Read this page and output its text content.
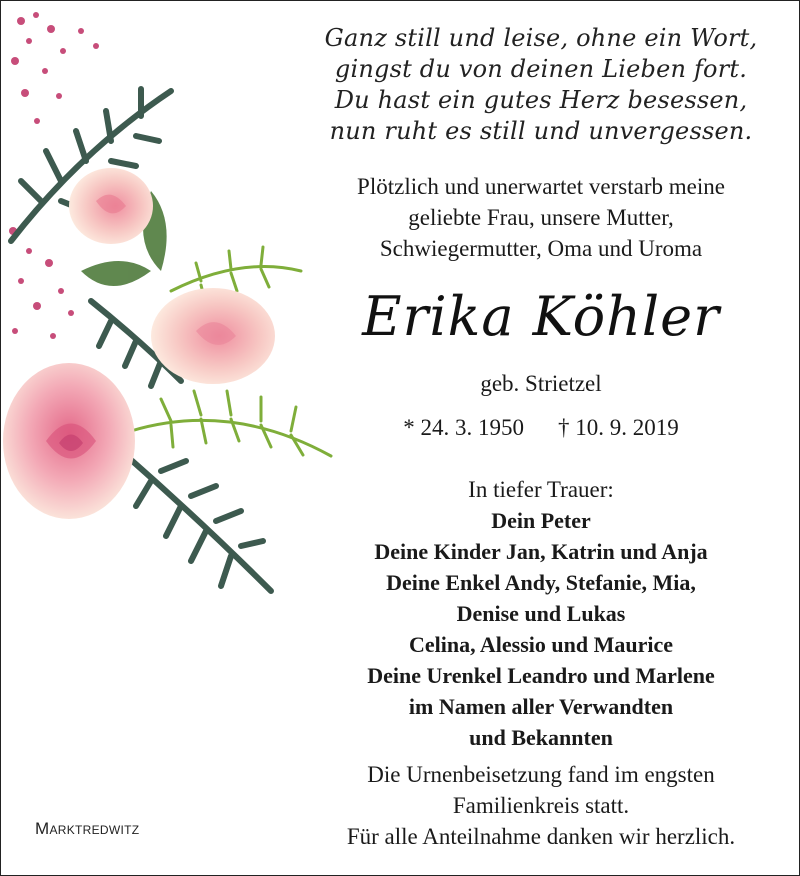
Ganz still und leise, ohne ein Wort,
gingst du von deinen Lieben fort.
Du hast ein gutes Herz besessen,
nun ruht es still und unvergessen.
Plötzlich und unerwartet verstarb meine
geliebte Frau, unsere Mutter,
Schwiegermutter, Oma und Uroma
Erika Köhler
geb. Strietzel
* 24. 3. 1950 † 10. 9. 2019
In tiefer Trauer:
Dein Peter
Deine Kinder Jan, Katrin und Anja
Deine Enkel Andy, Stefanie, Mia,
Denise und Lukas
Celina, Alessio und Maurice
Deine Urenkel Leandro und Marlene
im Namen aller Verwandten
und Bekannten
Die Urnenbeisetzung fand im engsten
Familienkreis statt.
Für alle Anteilnahme danken wir herzlich.
Marktredwitz
